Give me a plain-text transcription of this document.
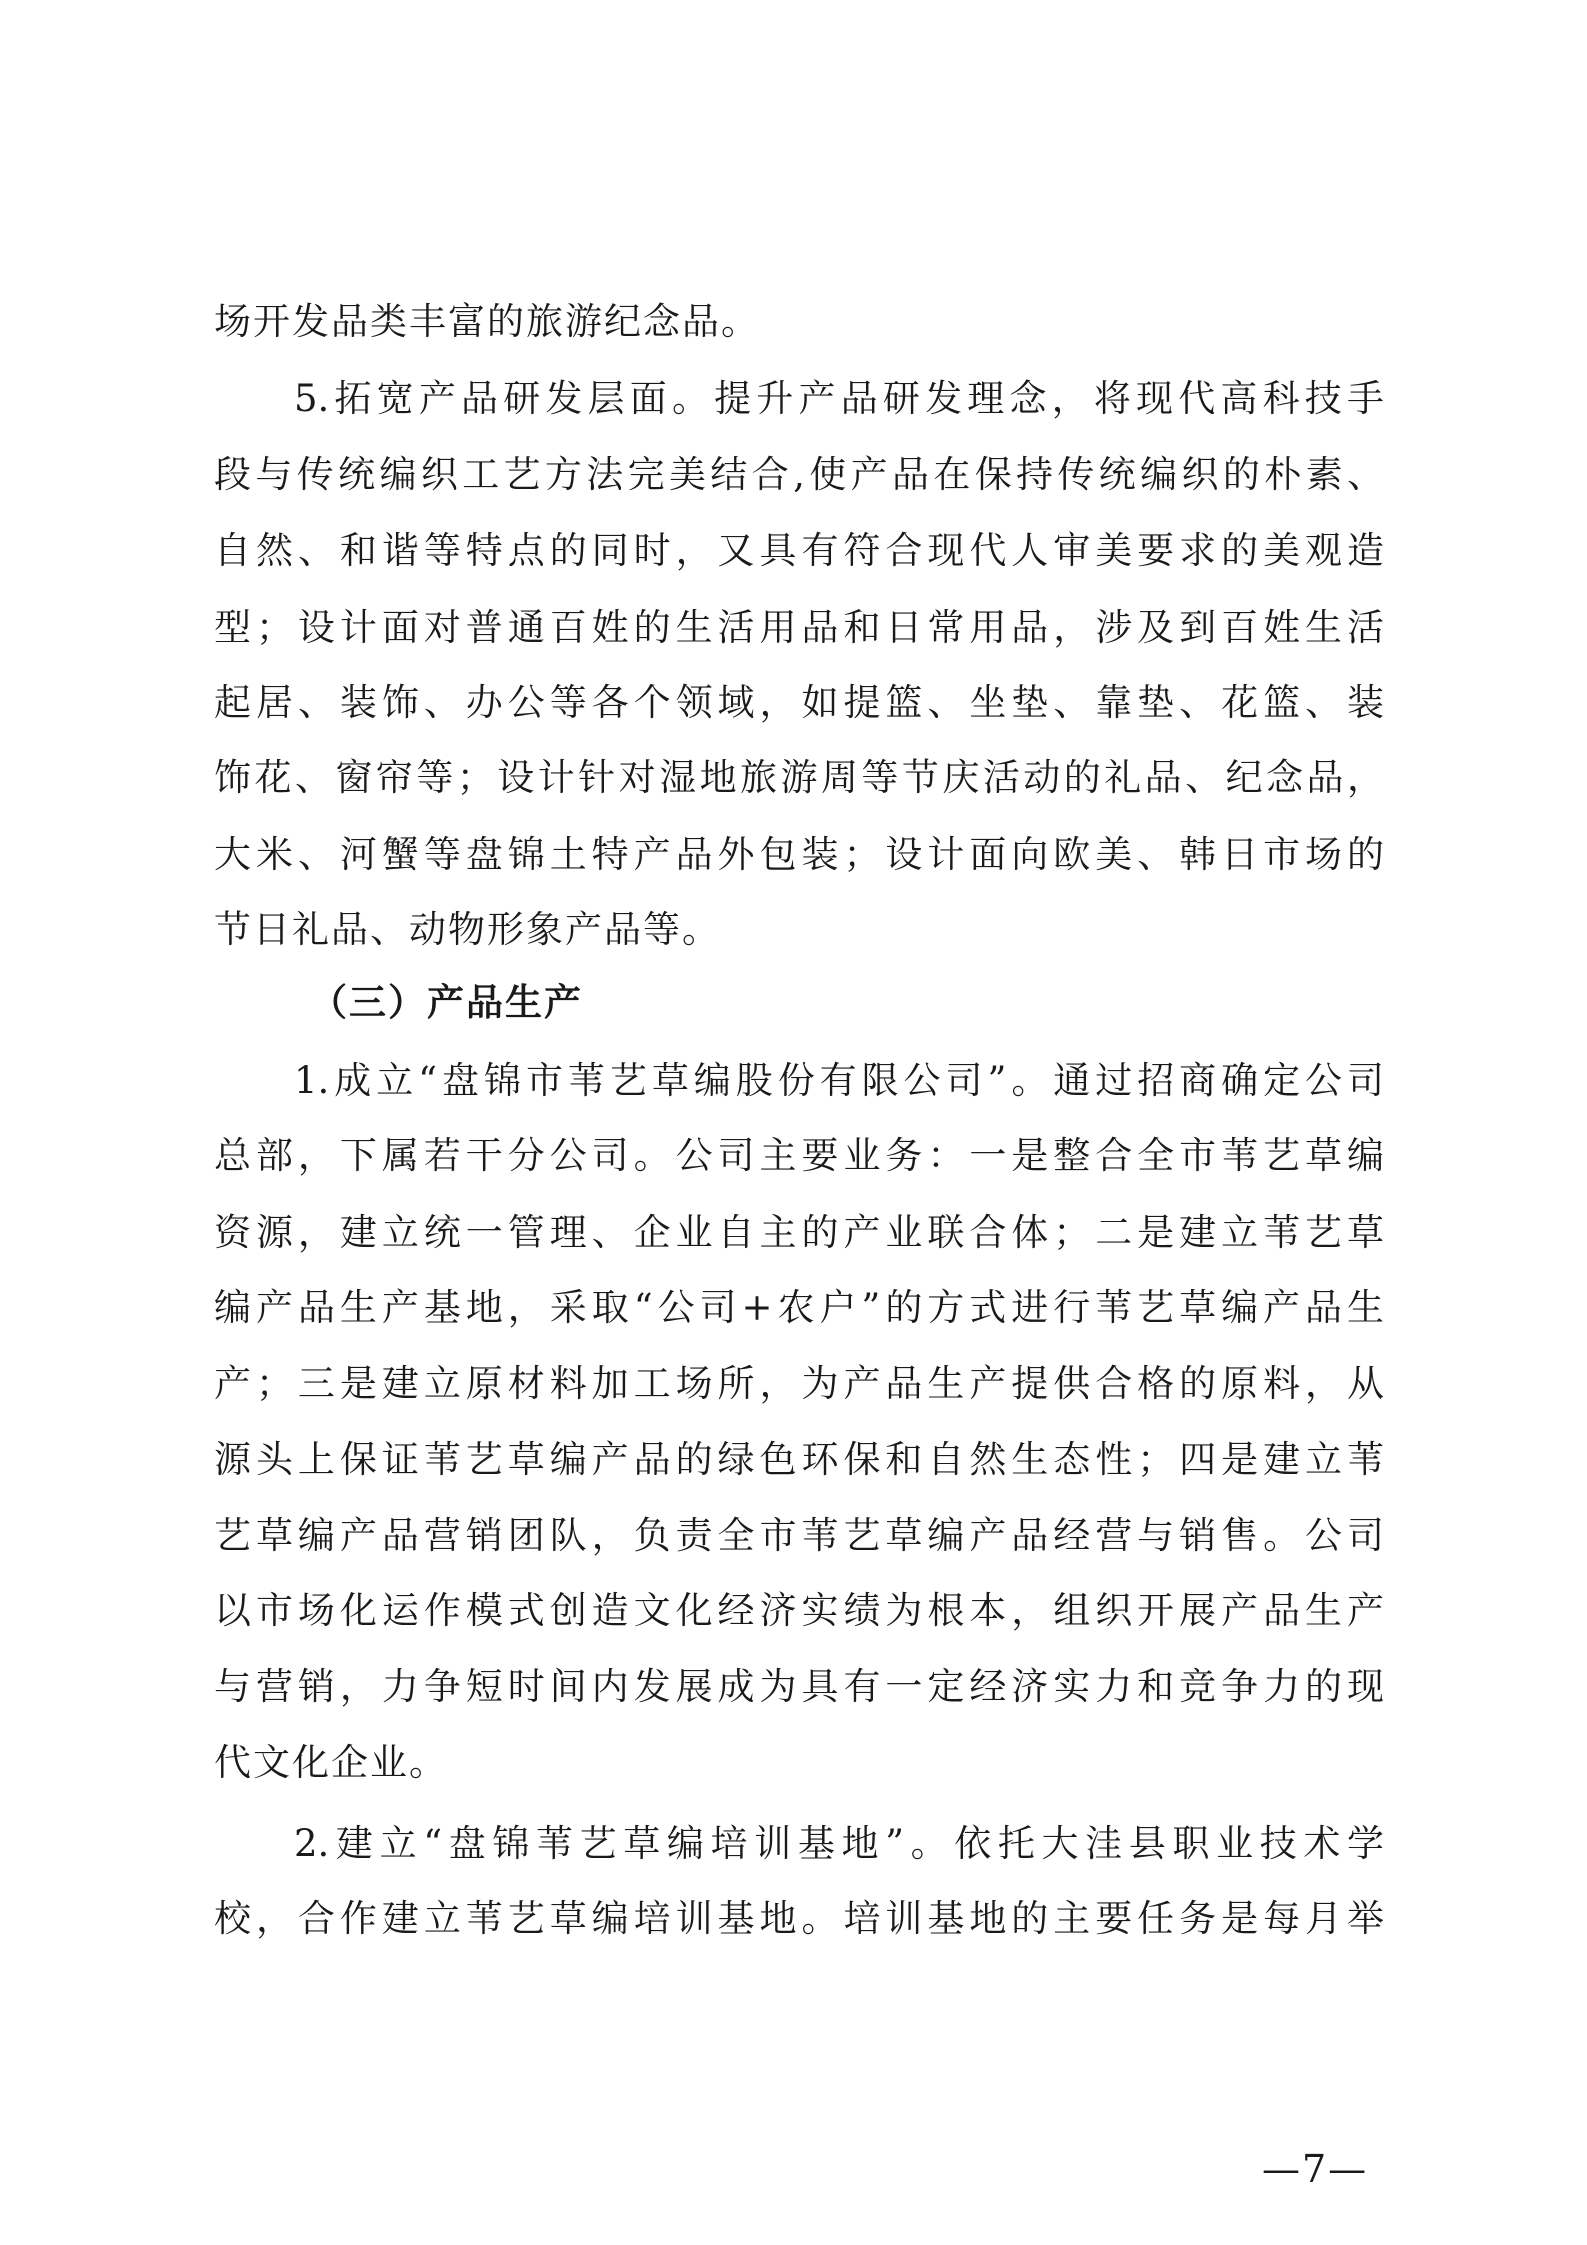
场开发品类丰富的旅游纪念品。
5.拓宽产品研发层面。提升产品研发理念，将现代高科技手
段与传统编织工艺方法完美结合,使产品在保持传统编织的朴素、
自然、和谐等特点的同时，又具有符合现代人审美要求的美观造
型；设计面对普通百姓的生活用品和日常用品，涉及到百姓生活
起居、装饰、办公等各个领域，如提篮、坐垫、靠垫、花篮、装
饰花、窗帘等；设计针对湿地旅游周等节庆活动的礼品、纪念品，
大米、河蟹等盘锦土特产品外包装；设计面向欧美、韩日市场的
节日礼品、动物形象产品等。
（三）产品生产
1.成立“盘锦市苇艺草编股份有限公司”。通过招商确定公司
总部，下属若干分公司。公司主要业务：一是整合全市苇艺草编
资源，建立统一管理、企业自主的产业联合体；二是建立苇艺草
编产品生产基地，采取“公司+农户”的方式进行苇艺草编产品生
产；三是建立原材料加工场所，为产品生产提供合格的原料，从
源头上保证苇艺草编产品的绿色环保和自然生态性；四是建立苇
艺草编产品营销团队，负责全市苇艺草编产品经营与销售。公司
以市场化运作模式创造文化经济实绩为根本，组织开展产品生产
与营销，力争短时间内发展成为具有一定经济实力和竞争力的现
代文化企业。
2.建立“盘锦苇艺草编培训基地”。依托大洼县职业技术学
校，合作建立苇艺草编培训基地。培训基地的主要任务是每月举
—7—
